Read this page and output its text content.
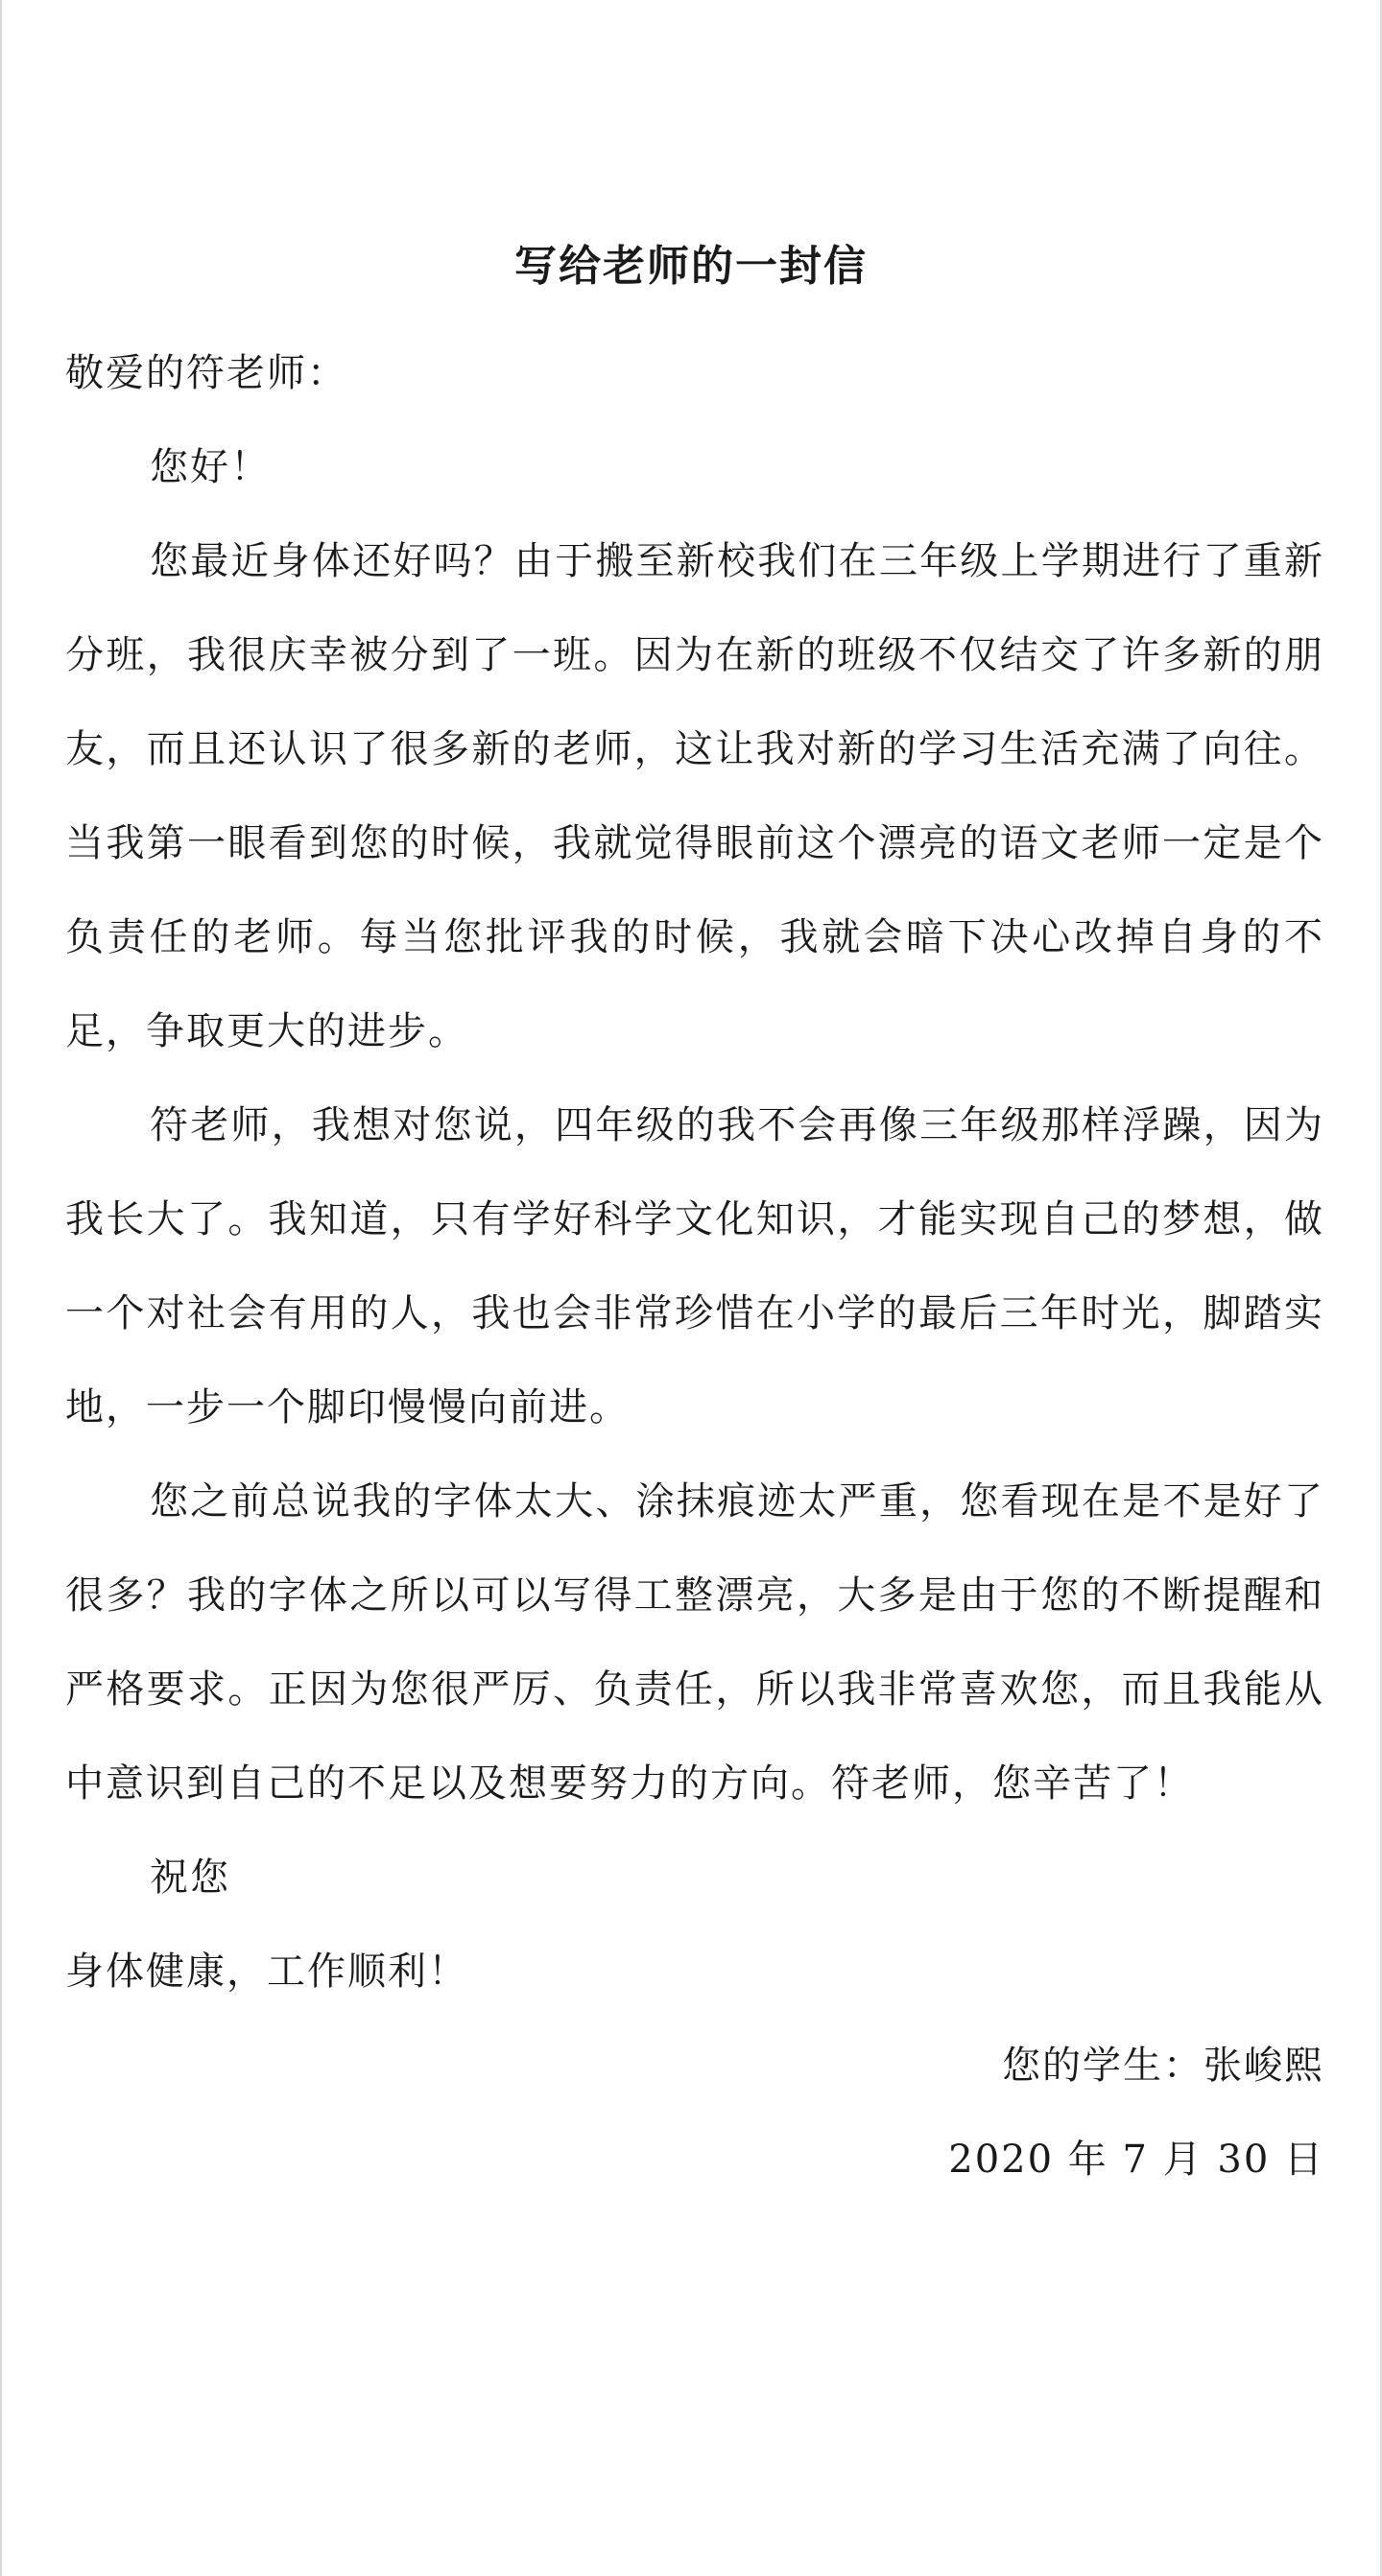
写给老师的一封信

敬爱的符老师：

您好！

您最近身体还好吗？由于搬至新校我们在三年级上学期进行了重新分班，我很庆幸被分到了一班。因为在新的班级不仅结交了许多新的朋友，而且还认识了很多新的老师，这让我对新的学习生活充满了向往。当我第一眼看到您的时候，我就觉得眼前这个漂亮的语文老师一定是个负责任的老师。每当您批评我的时候，我就会暗下决心改掉自身的不足，争取更大的进步。

符老师，我想对您说，四年级的我不会再像三年级那样浮躁，因为我长大了。我知道，只有学好科学文化知识，才能实现自己的梦想，做一个对社会有用的人，我也会非常珍惜在小学的最后三年时光，脚踏实地，一步一个脚印慢慢向前进。

您之前总说我的字体太大、涂抹痕迹太严重，您看现在是不是好了很多？我的字体之所以可以写得工整漂亮，大多是由于您的不断提醒和严格要求。正因为您很严厉、负责任，所以我非常喜欢您，而且我能从中意识到自己的不足以及想要努力的方向。符老师，您辛苦了！

祝您

身体健康，工作顺利！

您的学生：张峻熙

2020 年 7 月 30 日
